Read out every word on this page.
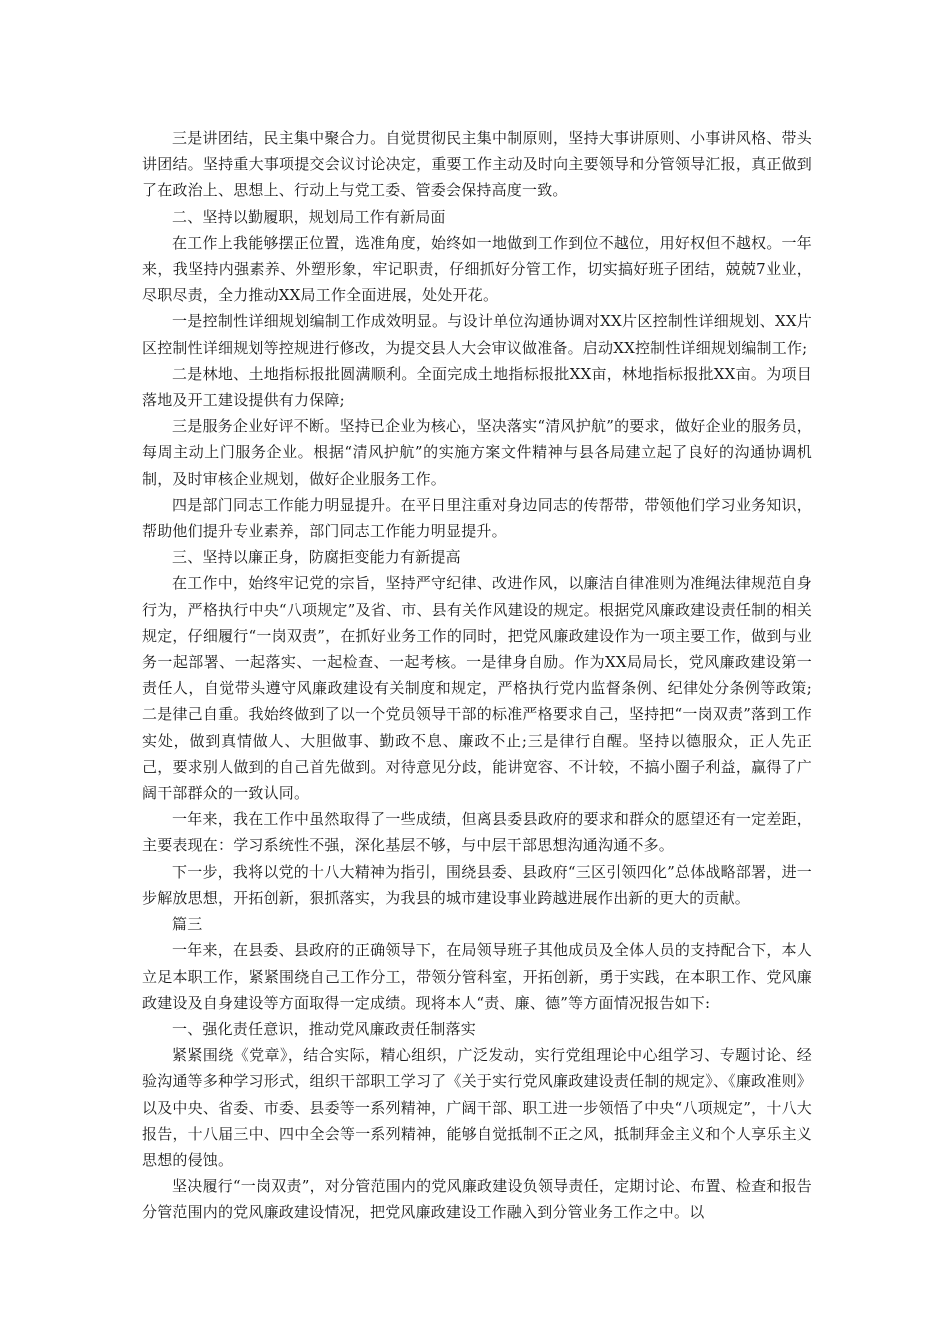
三是讲团结，民主集中聚合力。自觉贯彻民主集中制原则，坚持大事讲原则、小事讲风格、带头讲团结。坚持重大事项提交会议讨论决定，重要工作主动及时向主要领导和分管领导汇报，真正做到了在政治上、思想上、行动上与党工委、管委会保持高度一致。

二、坚持以勤履职，规划局工作有新局面

在工作上我能够摆正位置，选准角度，始终如一地做到工作到位不越位，用好权但不越权。一年来，我坚持内强素养、外塑形象，牢记职责，仔细抓好分管工作，切实搞好班子团结，兢兢7业业，尽职尽责，全力推动XX局工作全面进展，处处开花。

一是控制性详细规划编制工作成效明显。与设计单位沟通协调对XX片区控制性详细规划、XX片区控制性详细规划等控规进行修改，为提交县人大会审议做准备。启动XX控制性详细规划编制工作;

二是林地、土地指标报批圆满顺利。全面完成土地指标报批XX亩，林地指标报批XX亩。为项目落地及开工建设提供有力保障;

三是服务企业好评不断。坚持已企业为核心，坚决落实“清风护航”的要求，做好企业的服务员，每周主动上门服务企业。根据“清风护航”的实施方案文件精神与县各局建立起了良好的沟通协调机制，及时审核企业规划，做好企业服务工作。

四是部门同志工作能力明显提升。在平日里注重对身边同志的传帮带，带领他们学习业务知识，帮助他们提升专业素养，部门同志工作能力明显提升。

三、坚持以廉正身，防腐拒变能力有新提高

在工作中，始终牢记党的宗旨，坚持严守纪律、改进作风，以廉洁自律准则为准绳法律规范自身行为，严格执行中央“八项规定”及省、市、县有关作风建设的规定。根据党风廉政建设责任制的相关规定，仔细履行“一岗双责”，在抓好业务工作的同时，把党风廉政建设作为一项主要工作，做到与业务一起部署、一起落实、一起检查、一起考核。一是律身自励。作为XX局局长，党风廉政建设第一责任人，自觉带头遵守风廉政建设有关制度和规定，严格执行党内监督条例、纪律处分条例等政策;二是律己自重。我始终做到了以一个党员领导干部的标准严格要求自己，坚持把“一岗双责”落到工作实处，做到真情做人、大胆做事、勤政不息、廉政不止;三是律行自醒。坚持以德服众，正人先正己，要求别人做到的自己首先做到。对待意见分歧，能讲宽容、不计较，不搞小圈子利益，赢得了广阔干部群众的一致认同。

一年来，我在工作中虽然取得了一些成绩，但离县委县政府的要求和群众的愿望还有一定差距，主要表现在：学习系统性不强，深化基层不够，与中层干部思想沟通沟通不多。

下一步，我将以党的十八大精神为指引，围绕县委、县政府“三区引领四化”总体战略部署，进一步解放思想，开拓创新，狠抓落实，为我县的城市建设事业跨越进展作出新的更大的贡献。

篇三

一年来，在县委、县政府的正确领导下，在局领导班子其他成员及全体人员的支持配合下，本人立足本职工作，紧紧围绕自己工作分工，带领分管科室，开拓创新，勇于实践，在本职工作、党风廉政建设及自身建设等方面取得一定成绩。现将本人“责、廉、德”等方面情况报告如下:

一、强化责任意识，推动党风廉政责任制落实

紧紧围绕《党章》，结合实际，精心组织，广泛发动，实行党组理论中心组学习、专题讨论、经验沟通等多种学习形式，组织干部职工学习了《关于实行党风廉政建设责任制的规定》、《廉政准则》以及中央、省委、市委、县委等一系列精神，广阔干部、职工进一步领悟了中央“八项规定”，十八大报告，十八届三中、四中全会等一系列精神，能够自觉抵制不正之风，抵制拜金主义和个人享乐主义思想的侵蚀。

坚决履行“一岗双责”，对分管范围内的党风廉政建设负领导责任，定期讨论、布置、检查和报告分管范围内的党风廉政建设情况，把党风廉政建设工作融入到分管业务工作之中。以
